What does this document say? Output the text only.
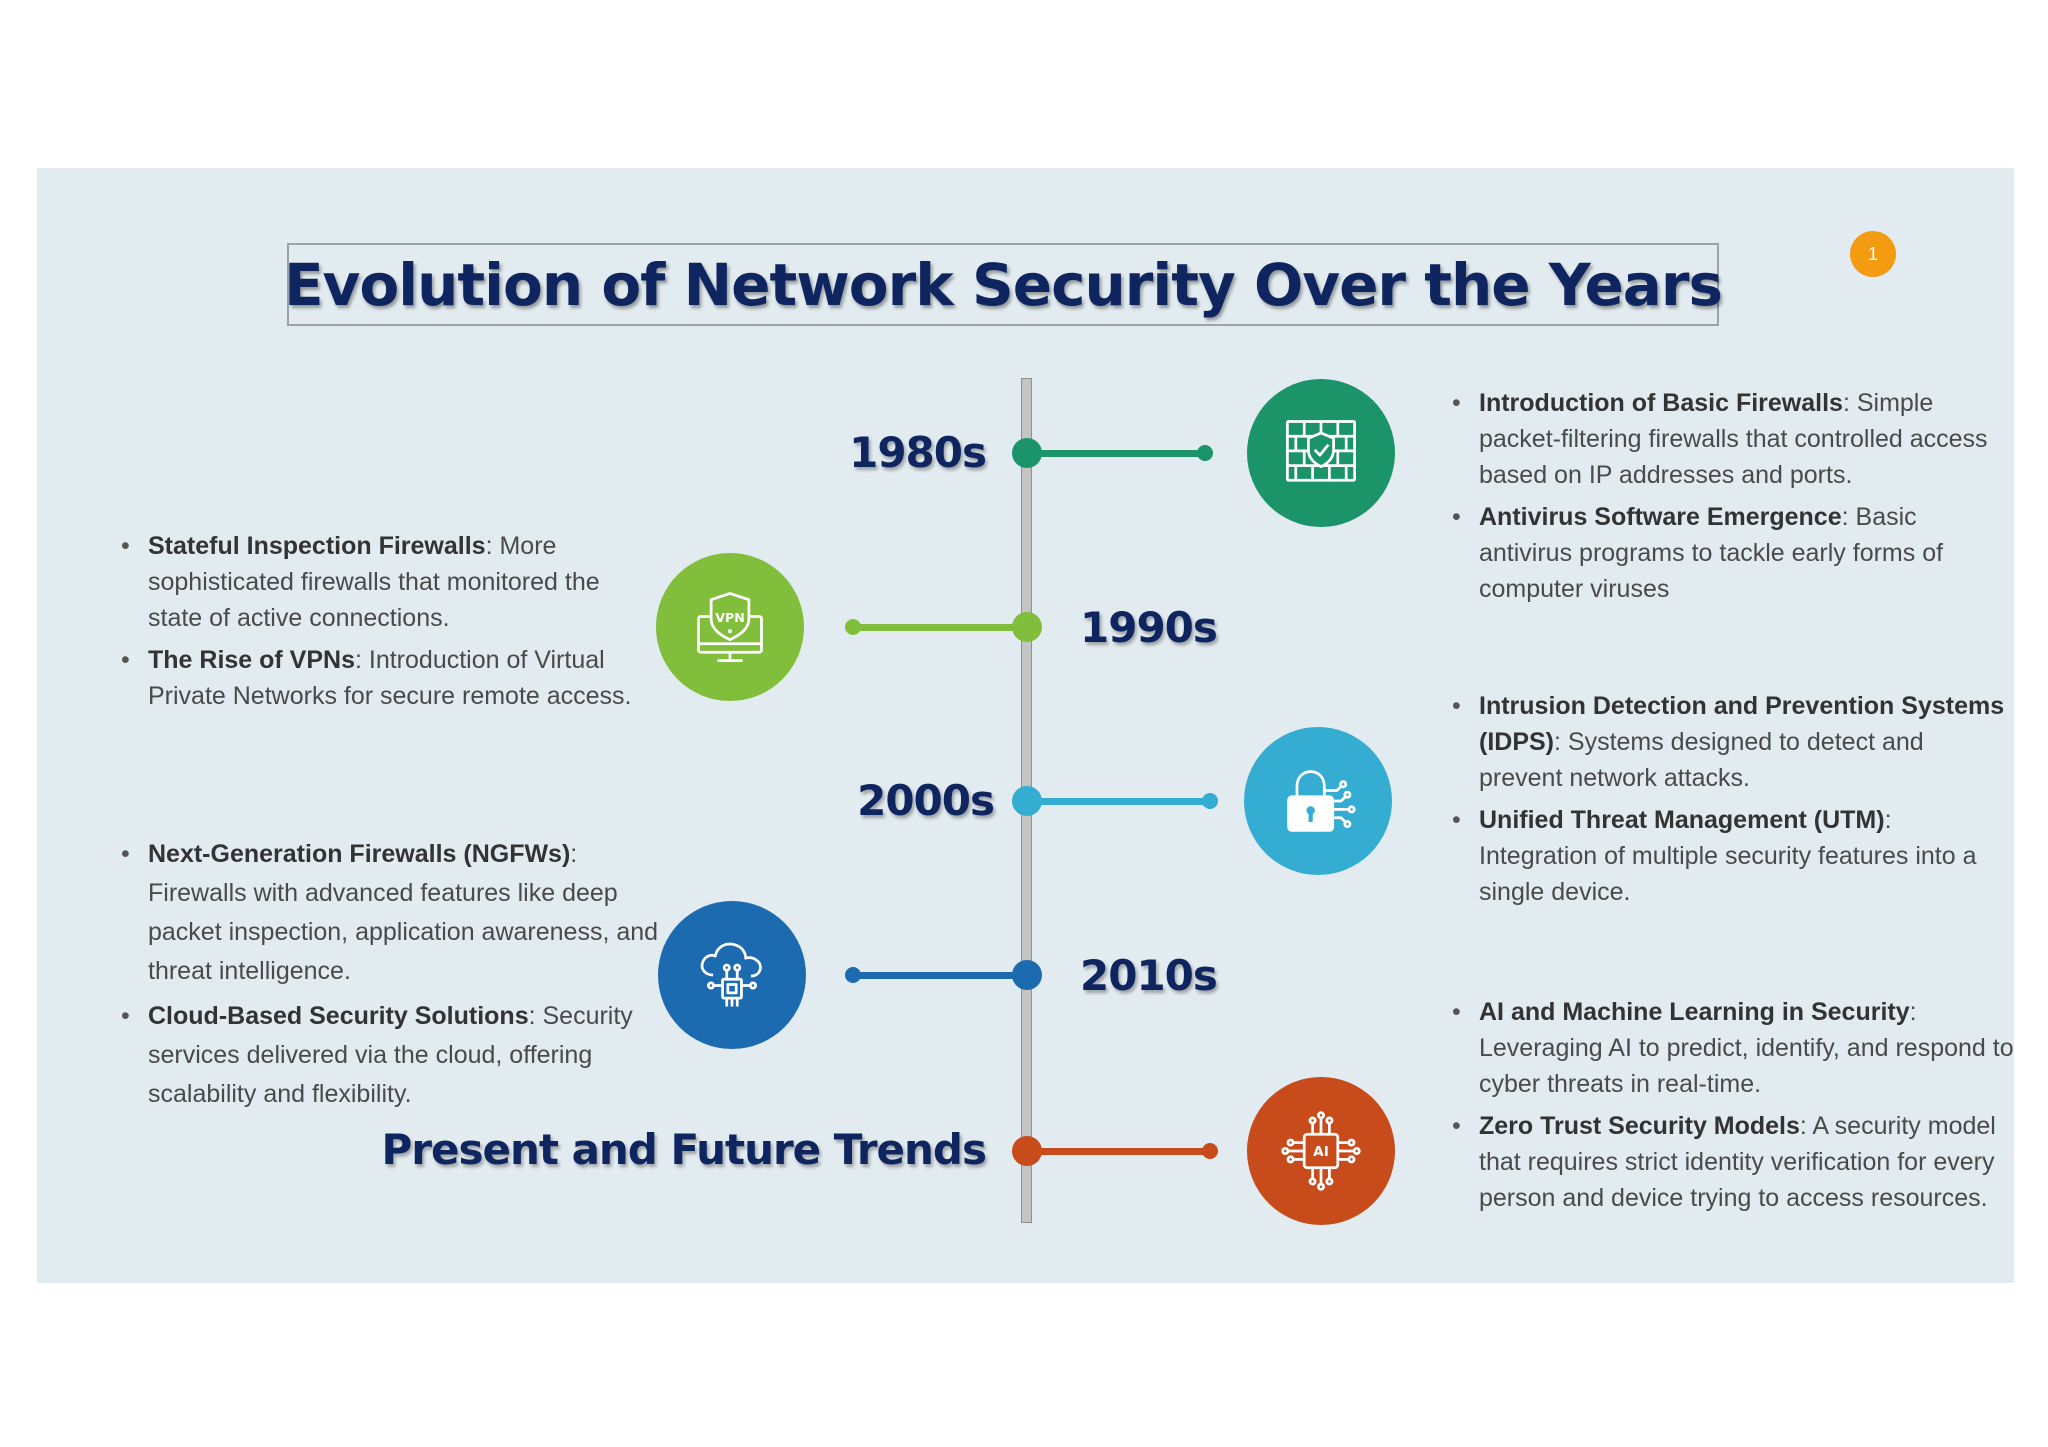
Evolution of Network Security Over the Years	1
1980s
• Introduction of Basic Firewalls: Simple packet-filtering firewalls that controlled access based on IP addresses and ports.
• Antivirus Software Emergence: Basic antivirus programs to tackle early forms of computer viruses
1990s
VPN
• Stateful Inspection Firewalls: More sophisticated firewalls that monitored the state of active connections.
• The Rise of VPNs: Introduction of Virtual Private Networks for secure remote access.
2000s
• Intrusion Detection and Prevention Systems (IDPS): Systems designed to detect and prevent network attacks.
• Unified Threat Management (UTM): Integration of multiple security features into a single device.
2010s
• Next-Generation Firewalls (NGFWs): Firewalls with advanced features like deep packet inspection, application awareness, and threat intelligence.
• Cloud-Based Security Solutions: Security services delivered via the cloud, offering scalability and flexibility.
Present and Future Trends	AI
• AI and Machine Learning in Security: Leveraging AI to predict, identify, and respond to cyber threats in real-time.
• Zero Trust Security Models: A security model that requires strict identity verification for every person and device trying to access resources.
